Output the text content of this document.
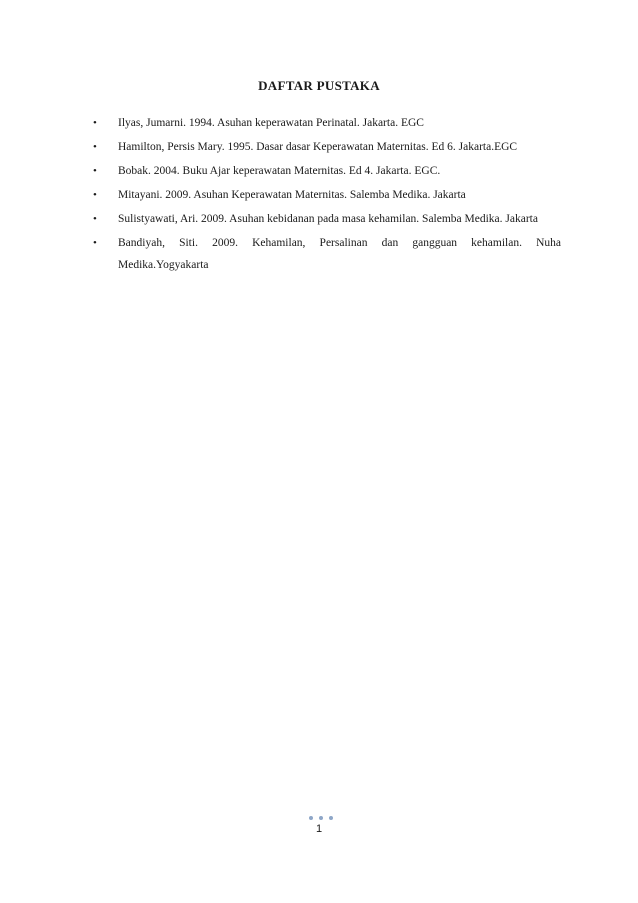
DAFTAR PUSTAKA
• Ilyas, Jumarni. 1994. Asuhan keperawatan Perinatal. Jakarta. EGC
• Hamilton, Persis Mary. 1995. Dasar dasar Keperawatan Maternitas. Ed 6. Jakarta.EGC
• Bobak. 2004. Buku Ajar keperawatan Maternitas. Ed 4. Jakarta. EGC.
• Mitayani. 2009. Asuhan Keperawatan Maternitas. Salemba Medika. Jakarta
• Sulistyawati, Ari. 2009. Asuhan kebidanan pada masa kehamilan. Salemba Medika. Jakarta
• Bandiyah, Siti. 2009. Kehamilan, Persalinan dan gangguan kehamilan. Nuha Medika.Yogyakarta
1
